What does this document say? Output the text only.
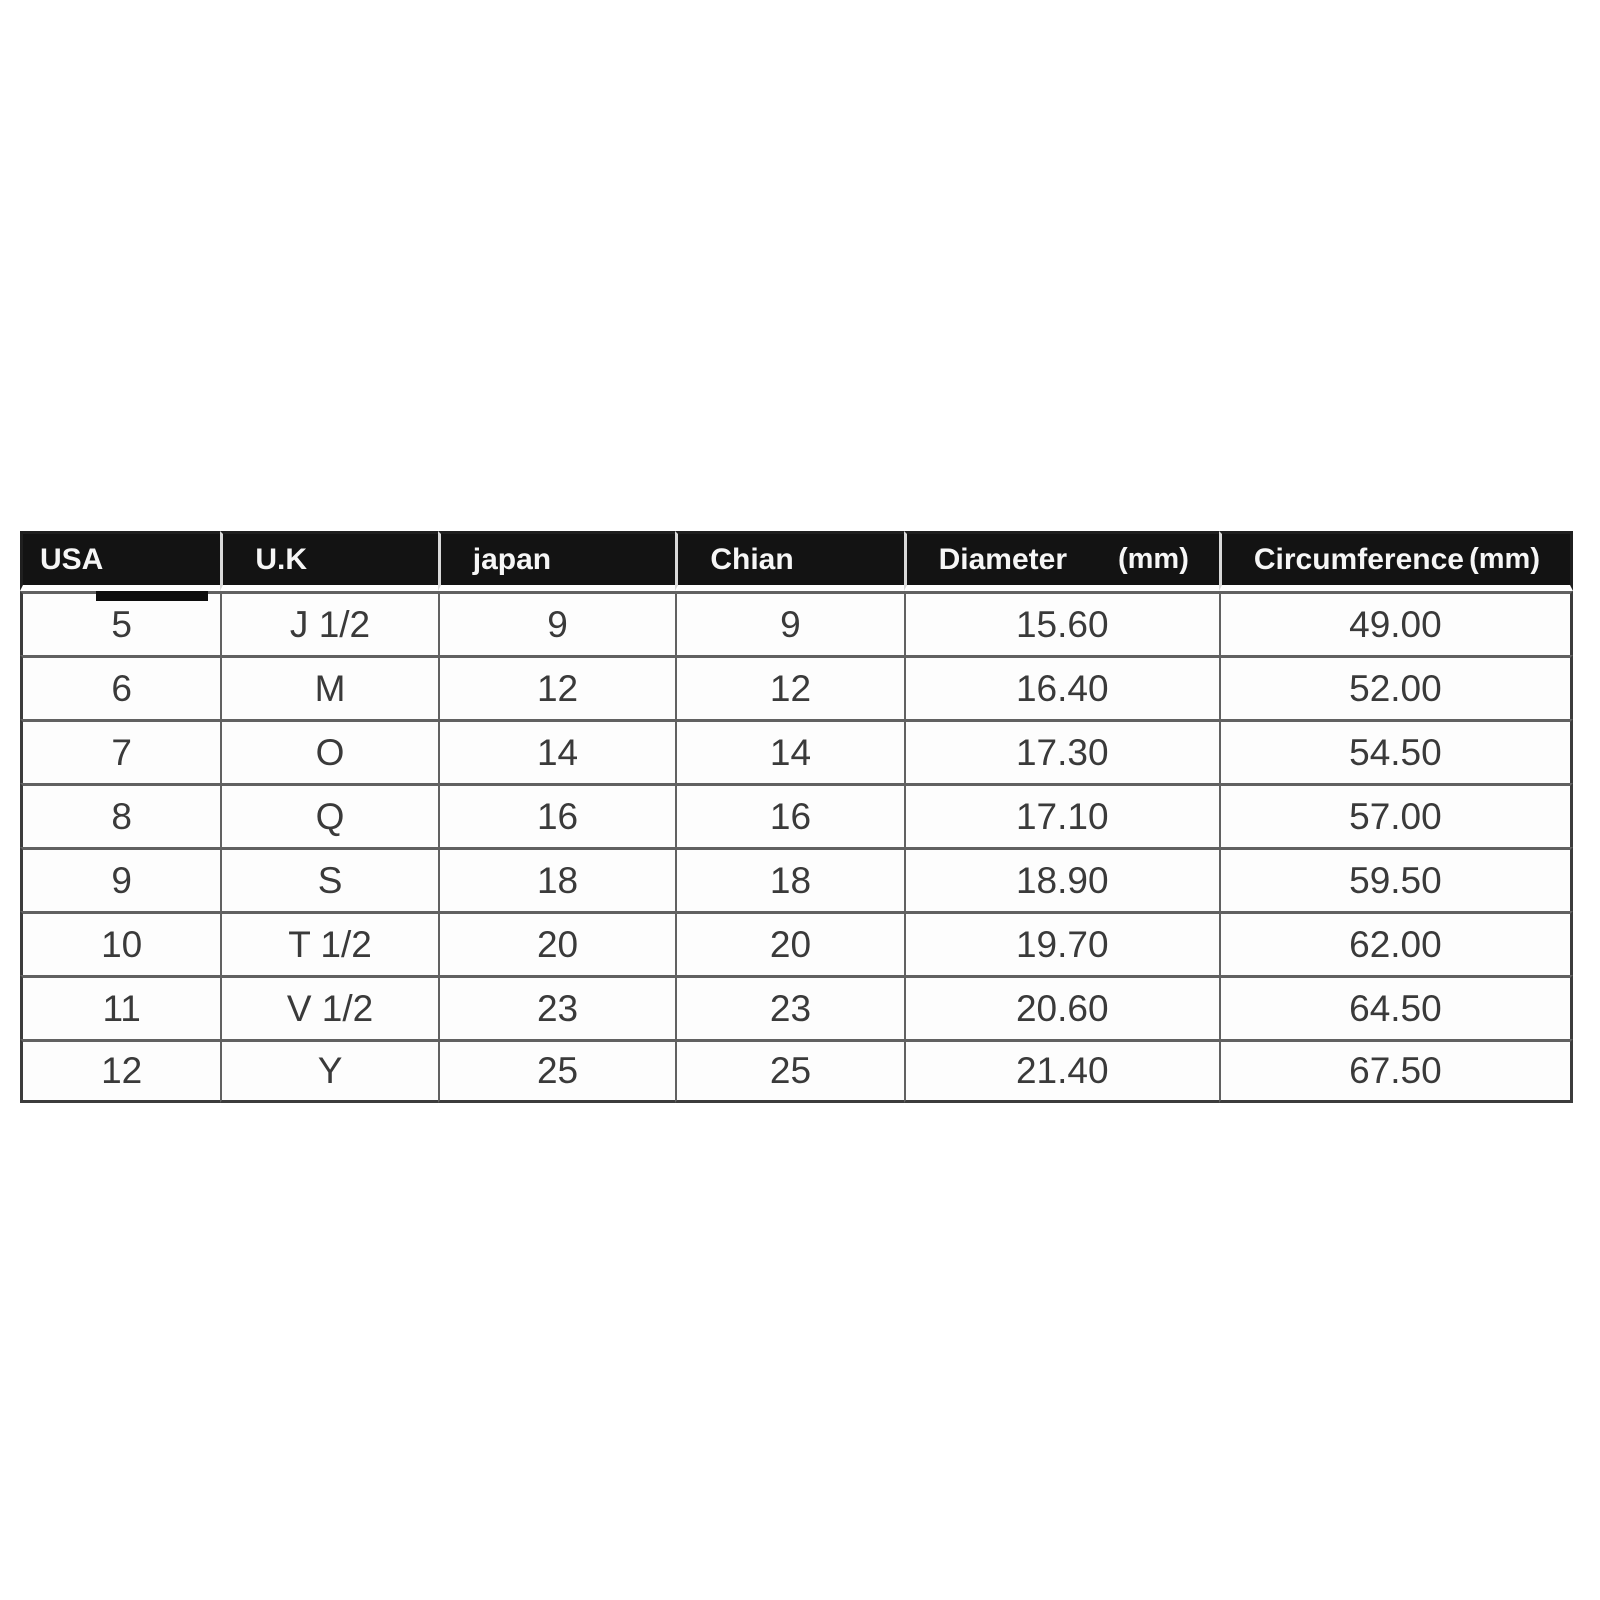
USA	U.K	japan	Chian	Diameter (mm)	Circumference (mm)

5	J 1/2	9	9	15.60	49.00
6	M	12	12	16.40	52.00
7	O	14	14	17.30	54.50
8	Q	16	16	17.10	57.00
9	S	18	18	18.90	59.50
10	T 1/2	20	20	19.70	62.00
11	V 1/2	23	23	20.60	64.50
12	Y	25	25	21.40	67.50
